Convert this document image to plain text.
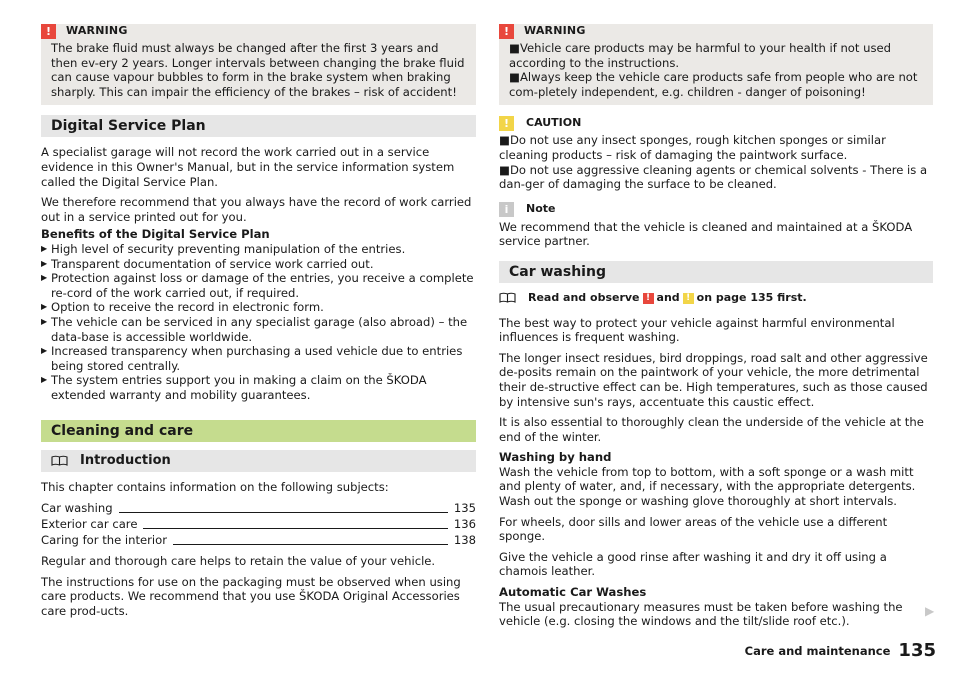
!	WARNING
The brake fluid must always be changed after the first 3 years and then ev-ery 2 years. Longer intervals between changing the brake fluid can cause vapour bubbles to form in the brake system when braking sharply. This can impair the efficiency of the brakes – risk of accident!
Digital Service Plan

A specialist garage will not record the work carried out in a service evidence in this Owner's Manual, but in the service information system called the Digital Service Plan.

We therefore recommend that you always have the record of work carried out in a service printed out for you.

Benefits of the Digital Service Plan
▶ High level of security preventing manipulation of the entries.
▶ Transparent documentation of service work carried out.
▶ Protection against loss or damage of the entries, you receive a complete re-cord of the work carried out, if required.
▶ Option to receive the record in electronic form.
▶ The vehicle can be serviced in any specialist garage (also abroad) – the data-base is accessible worldwide.
▶ Increased transparency when purchasing a used vehicle due to entries being stored centrally.
▶ The system entries support you in making a claim on the ŠKODA extended warranty and mobility guarantees.
Cleaning and care
Introduction

This chapter contains information on the following subjects:

Car washing	135
Exterior car care	136
Caring for the interior	138

Regular and thorough care helps to retain the value of your vehicle.

The instructions for use on the packaging must be observed when using care products. We recommend that you use ŠKODA Original Accessories care prod-ucts.

!	WARNING
■Vehicle care products may be harmful to your health if not used according to the instructions.
■Always keep the vehicle care products safe from people who are not com-pletely independent, e.g. children - danger of poisoning!
!	CAUTION
■Do not use any insect sponges, rough kitchen sponges or similar cleaning products – risk of damaging the paintwork surface.
■Do not use aggressive cleaning agents or chemical solvents - There is a dan-ger of damaging the surface to be cleaned.
i	Note

We recommend that the vehicle is cleaned and maintained at a ŠKODA service partner.

Car washing
Read and observe ! and ! on page 135 first.

The best way to protect your vehicle against harmful environmental influences is frequent washing.

The longer insect residues, bird droppings, road salt and other aggressive de-posits remain on the paintwork of your vehicle, the more detrimental their de-structive effect can be. High temperatures, such as those caused by intensive sun's rays, accentuate this caustic effect.

It is also essential to thoroughly clean the underside of the vehicle at the end of the winter.

Washing by hand

Wash the vehicle from top to bottom, with a soft sponge or a wash mitt and plenty of water, and, if necessary, with the appropriate detergents. Wash out the sponge or washing glove thoroughly at short intervals.

For wheels, door sills and lower areas of the vehicle use a different sponge.

Give the vehicle a good rinse after washing it and dry it off using a chamois leather.

Automatic Car Washes

The usual precautionary measures must be taken before washing the vehicle (e.g. closing the windows and the tilt/slide roof etc.).

▶
Care and maintenance 135
